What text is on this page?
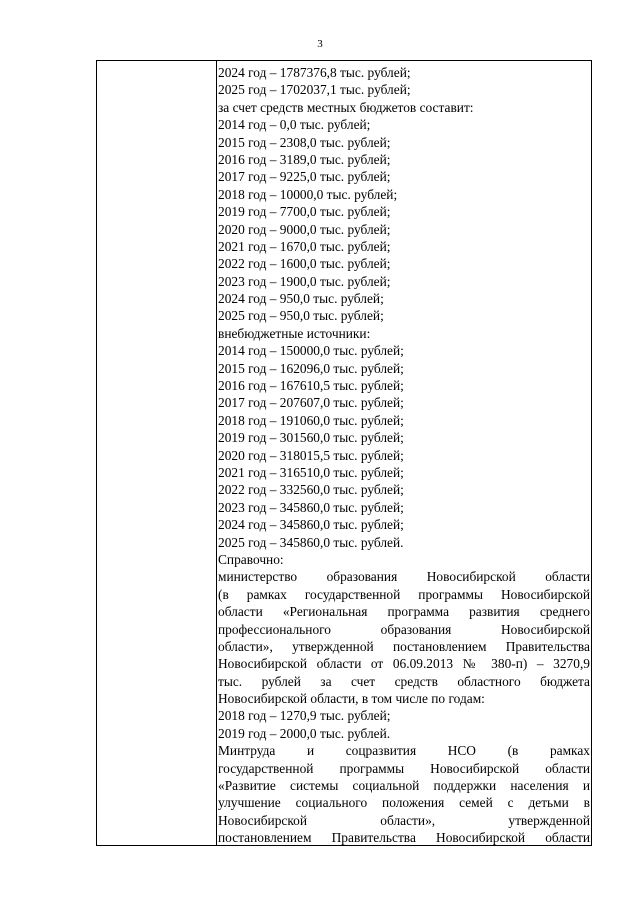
3
2024 год – 1787376,8 тыс. рублей;
2025 год – 1702037,1 тыс. рублей;
за счет средств местных бюджетов составит:
2014 год – 0,0 тыс. рублей;
2015 год – 2308,0 тыс. рублей;
2016 год – 3189,0 тыс. рублей;
2017 год – 9225,0 тыс. рублей;
2018 год – 10000,0 тыс. рублей;
2019 год – 7700,0 тыс. рублей;
2020 год – 9000,0 тыс. рублей;
2021 год – 1670,0 тыс. рублей;
2022 год – 1600,0 тыс. рублей;
2023 год – 1900,0 тыс. рублей;
2024 год – 950,0 тыс. рублей;
2025 год – 950,0 тыс. рублей;
внебюджетные источники:
2014 год – 150000,0 тыс. рублей;
2015 год – 162096,0 тыс. рублей;
2016 год – 167610,5 тыс. рублей;
2017 год – 207607,0 тыс. рублей;
2018 год – 191060,0 тыс. рублей;
2019 год – 301560,0 тыс. рублей;
2020 год – 318015,5 тыс. рублей;
2021 год – 316510,0 тыс. рублей;
2022 год – 332560,0 тыс. рублей;
2023 год – 345860,0 тыс. рублей;
2024 год – 345860,0 тыс. рублей;
2025 год – 345860,0 тыс. рублей.
Справочно:
министерство образования Новосибирской области
(в рамках государственной программы Новосибирской
области «Региональная программа развития среднего
профессионального образования Новосибирской
области», утвержденной постановлением Правительства
Новосибирской области от 06.09.2013 № 380-п) – 3270,9
тыс. рублей за счет средств областного бюджета
Новосибирской области, в том числе по годам:
2018 год – 1270,9 тыс. рублей;
2019 год – 2000,0 тыс. рублей.
Минтруда и соцразвития НСО (в рамках
государственной программы Новосибирской области
«Развитие системы социальной поддержки населения и
улучшение социального положения семей с детьми в
Новосибирской области», утвержденной
постановлением Правительства Новосибирской области
